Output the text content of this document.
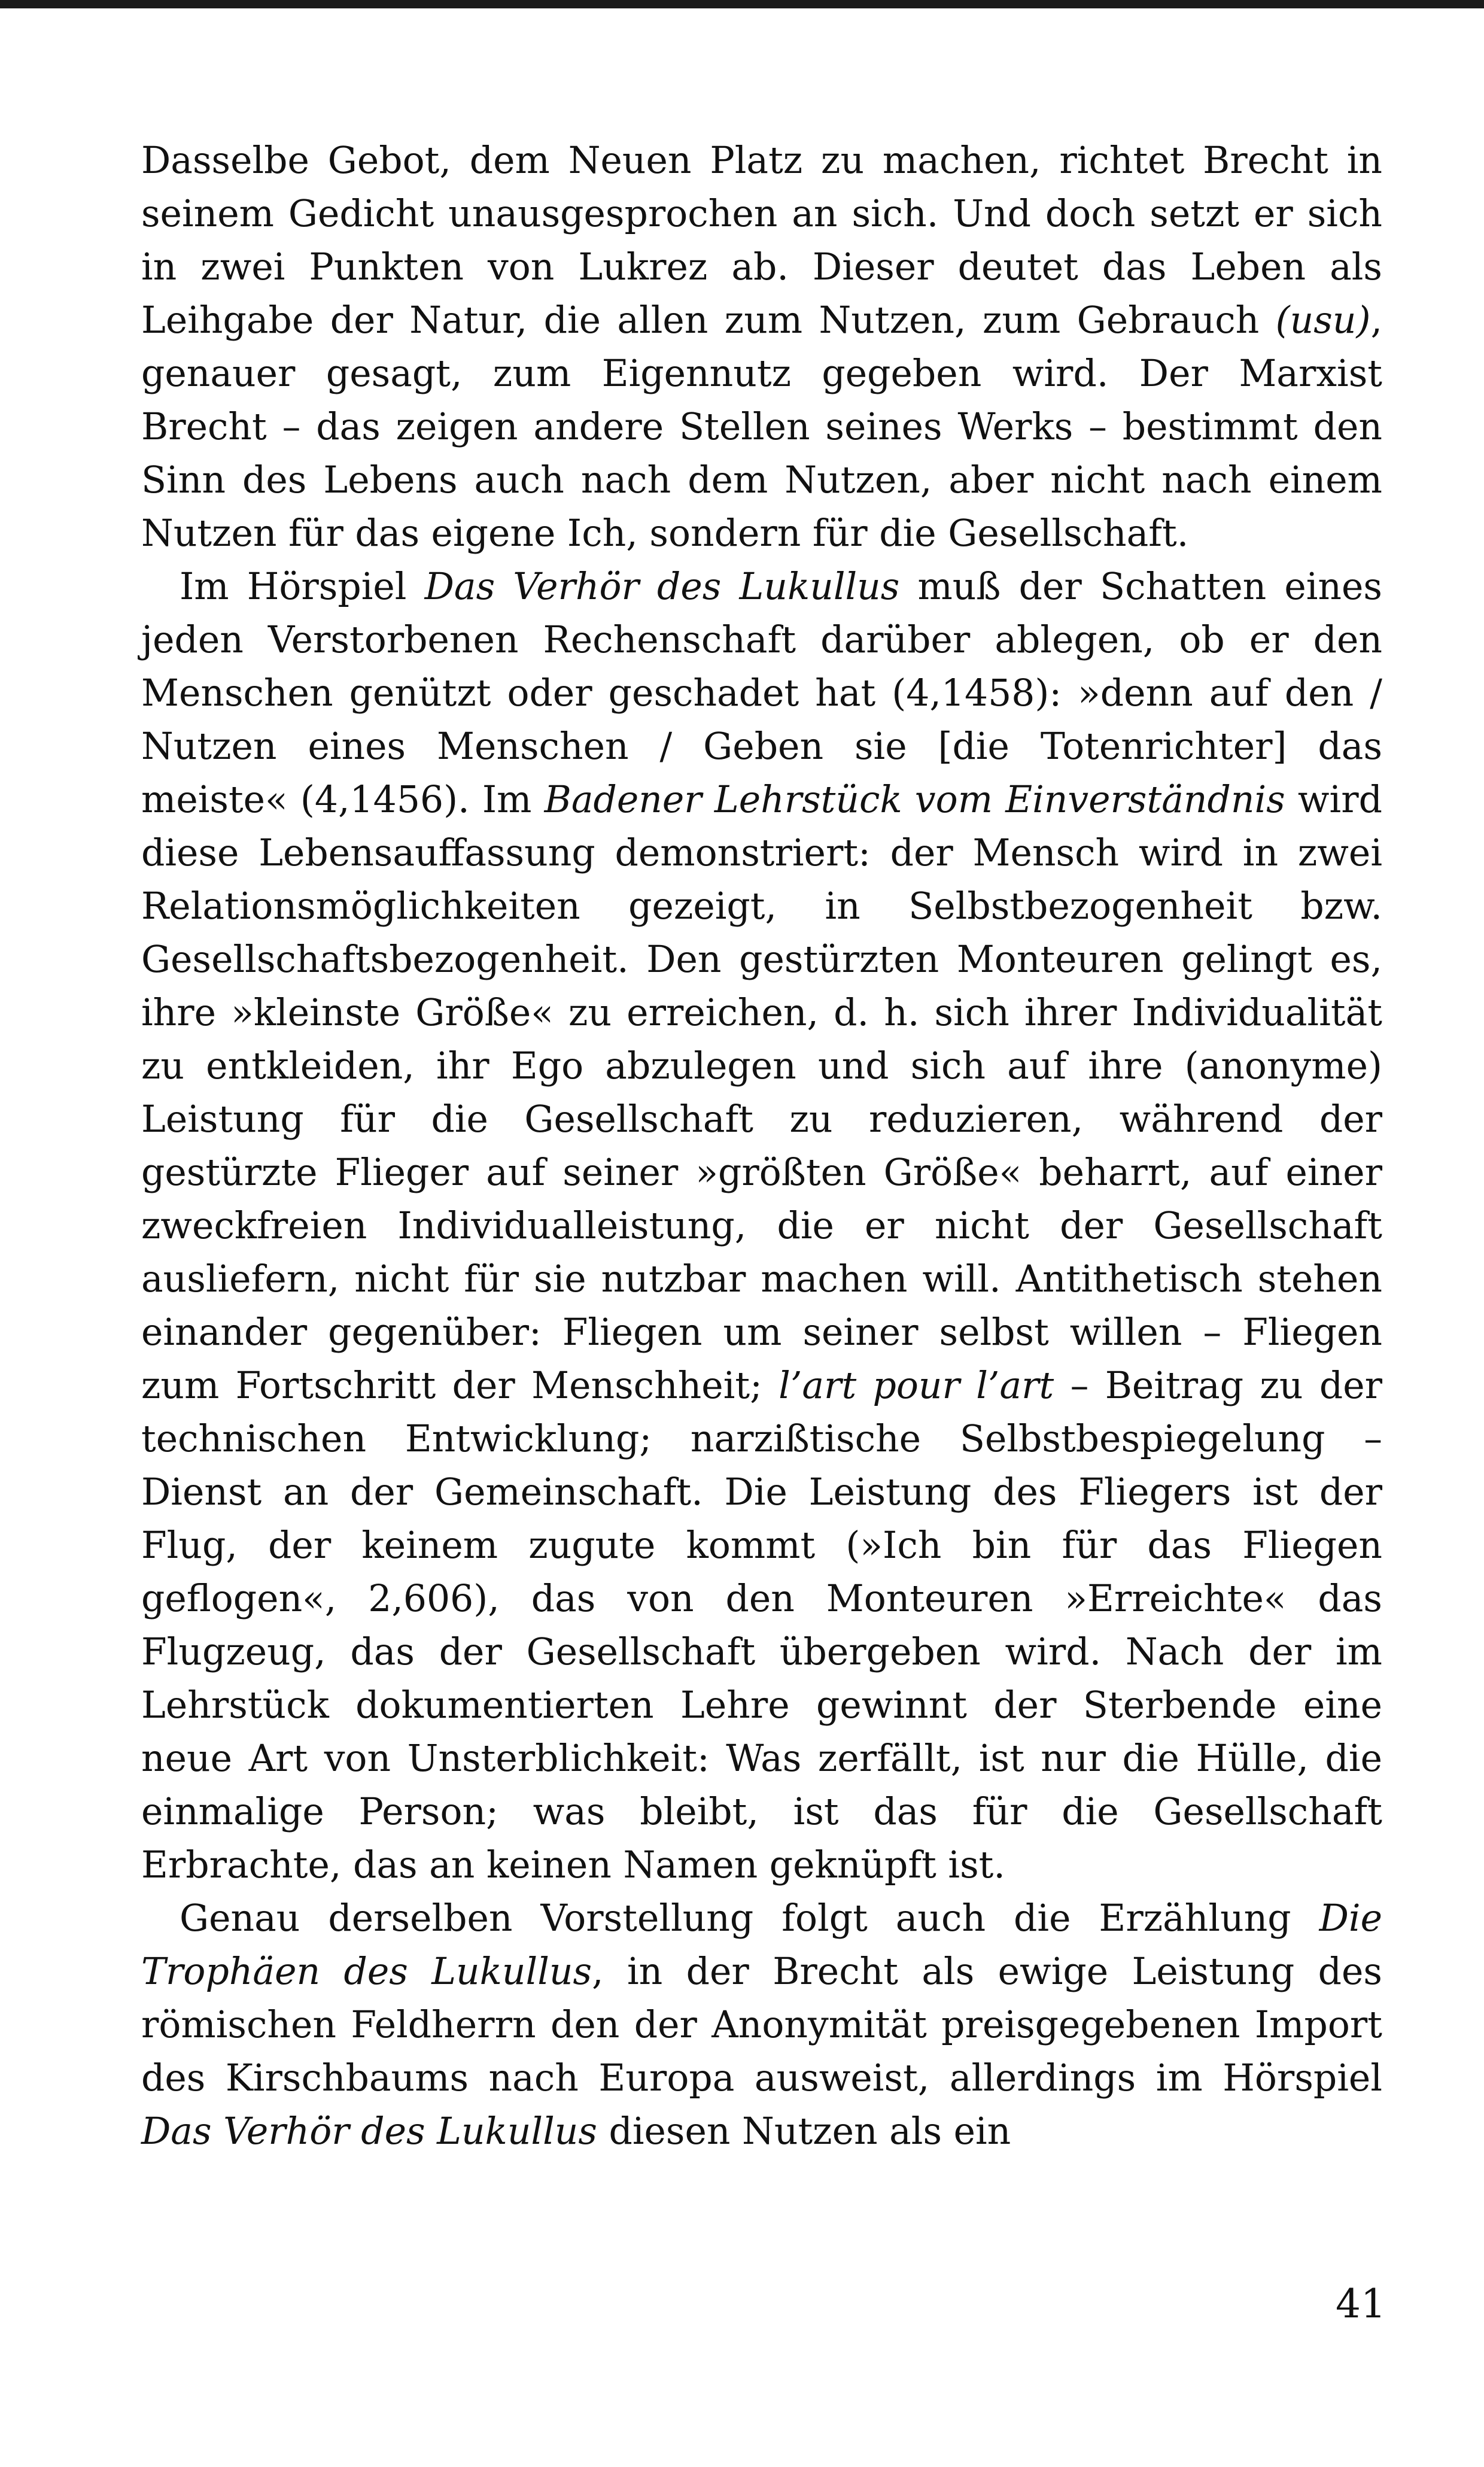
Dasselbe Gebot, dem Neuen Platz zu machen, richtet Brecht in seinem Gedicht unausgesprochen an sich. Und doch setzt er sich in zwei Punkten von Lukrez ab. Dieser deutet das Leben als Leihgabe der Natur, die allen zum Nutzen, zum Gebrauch (usu), genauer gesagt, zum Eigennutz gegeben wird. Der Marxist Brecht – das zeigen andere Stellen seines Werks – bestimmt den Sinn des Lebens auch nach dem Nutzen, aber nicht nach einem Nutzen für das eigene Ich, sondern für die Gesellschaft.

Im Hörspiel Das Verhör des Lukullus muß der Schatten eines jeden Verstorbenen Rechenschaft darüber ablegen, ob er den Menschen genützt oder geschadet hat (4,1458): »denn auf den / Nutzen eines Menschen / Geben sie [die Totenrichter] das meiste« (4,1456). Im Badener Lehrstück vom Einverständnis wird diese Lebensauffassung demonstriert: der Mensch wird in zwei Relationsmöglichkeiten gezeigt, in Selbstbezogenheit bzw. Gesellschaftsbezogenheit. Den gestürzten Monteuren gelingt es, ihre »kleinste Größe« zu erreichen, d. h. sich ihrer Individualität zu entkleiden, ihr Ego abzulegen und sich auf ihre (anonyme) Leistung für die Gesellschaft zu reduzieren, während der gestürzte Flieger auf seiner »größten Größe« beharrt, auf einer zweckfreien Individualleistung, die er nicht der Gesellschaft ausliefern, nicht für sie nutzbar machen will. Antithetisch stehen einander gegenüber: Fliegen um seiner selbst willen – Fliegen zum Fortschritt der Menschheit; l’art pour l’art – Beitrag zu der technischen Entwicklung; narzißtische Selbstbespiegelung – Dienst an der Gemeinschaft. Die Leistung des Fliegers ist der Flug, der keinem zugute kommt (»Ich bin für das Fliegen geflogen«, 2,606), das von den Monteuren »Erreichte« das Flugzeug, das der Gesellschaft übergeben wird. Nach der im Lehrstück dokumentierten Lehre gewinnt der Sterbende eine neue Art von Unsterblichkeit: Was zerfällt, ist nur die Hülle, die einmalige Person; was bleibt, ist das für die Gesellschaft Erbrachte, das an keinen Namen geknüpft ist.

Genau derselben Vorstellung folgt auch die Erzählung Die Trophäen des Lukullus, in der Brecht als ewige Leistung des römischen Feldherrn den der Anonymität preisgegebenen Import des Kirschbaums nach Europa ausweist, allerdings im Hörspiel Das Verhör des Lukullus diesen Nutzen als ein

41
